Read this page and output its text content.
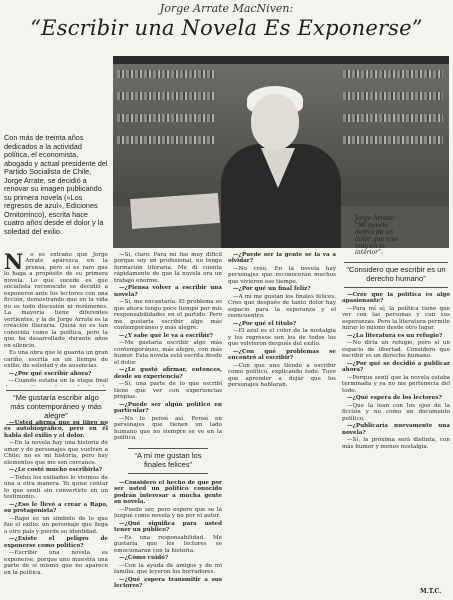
Jorge Arrate MacNiven:
“Escribir una Novela Es Exponerse”
Con más de treinta años dedicados a la actividad política, el economista, abogado y actual presidente del Partido Socialista de Chile, Jorge Arrate, se decidió a renovar su imagen publicando su primera novela («Los regresos de azul», Ediciones Ornitorrinco), escrita hace cuatro años desde el dolor y la soledad del exilio.
Jorge Arrate: “Mi novela deriva de un dolor que vivo muy en lo interior”.
N	o es extraño que Jorge Arrate aparezca en la prensa, pero sí es raro que lo haga a propósito de su primera novela. Lo que sucede es que socialista reconocido se decidió a exponerse ante los lectores con una ficción, demostrando que en la vida no es todo discusión ni resúmenes. La mayoría tiene diferentes vertientes, y la de Jorge Arrate es la creación literaria. Quizá no es tan conocida como la política, pero la que ha desarrollado durante años en silencio.

Es una obra que le guarda un gran cariño, escrita en un tiempo de exilio, de soledad y de ausencias.

—¿Por qué escribir ahora?

—Cuando estaba en la etapa final

“Me gustaría escribir algo más contemporáneo y más alegre”

—Usted afirma que su libro no es autobiográfico, pero en él habla del exilio y el dolor.

—En la novela hay una historia de amor y de personajes que vuelven a Chile; no es mi historia, pero hay elementos que me son cercanos.

—¿Le costó mucho escribirla?

—Todos los exiliados lo vivimos de una u otra manera. Yo quise contar lo que sentí sin convertirlo en un testimonio.

—¿Eso le llevó a crear a Rapo, su protagonista?

—Rapo es un símbolo de lo que fue el exilio: un personaje que llega a otro país y pierde su identidad.

—¿Existe el peligro de exponerse como político?

—Escribir una novela es exponerse, porque uno muestra una parte de sí mismo que no aparece en la política.

—Sí, claro. Para mí fue muy difícil porque soy un profesional, no tengo formación literaria. Me di cuenta rápidamente de que la novela era un trabajo enorme.

—¿Piensa volver a escribir una novela?

—Sí, me encantaría. El problema es que ahora tengo poco tiempo por mis responsabilidades en el partido. Pero me gustaría escribir algo más contemporáneo y más alegre.

—¿Y sabe qué le va a escribir?

—Me gustaría escribir algo más contemporáneo, más alegre, con más humor. Esta novela está escrita desde el dolor.

—¿Le gustó afirmar, entonces, desde su experiencia?

—Sí, una parte de lo que escribí tiene que ver con experiencias propias.

—¿Puede ser algún político en particular?

—No lo pensé así. Pensé en personajes que tienen un lado humano que no siempre se ve en la política.

“A mí me gustan los finales felices”

—Considero el hecho de que por ser usted un político conocido podrán interesar a mucha gente su novela.

—Puede ser, pero espero que se la juzgue como novela y no por el autor.

—¿Qué significa para usted tener un público?

—Es una responsabilidad. Me gustaría que los lectores se emocionaran con la historia.

—¿Cómo cuidó?

—Con la ayuda de amigos y de mi familia, que leyeron los borradores.

—¿Qué espera transmitir a sus lectores?

—¿Puede ser la gente se la va a olvidar?

—No creo. En la novela hay personajes que reconocerán muchos que vivieron ese tiempo.

—¿Por qué un final feliz?

—A mí me gustan los finales felices. Creo que después de tanto dolor hay espacio para la esperanza y el reencuentro.

—¿Por qué el título?

—El azul es el color de la nostalgia y los regresos son los de todos los que volvieron después del exilio.

—¿Con qué problemas se encontró al escribir?

—Con que uno tiende a escribir como político, explicando todo. Tuve que aprender a dejar que los personajes hablaran.

“Considero que escribir es un derecho humano”

—Cree que la política es algo apasionante?

—Para mí sí; la política tiene que ver con las personas y con sus esperanzas. Pero la literatura permite mirar lo mismo desde otro lugar.

—¿La literatura es un refugio?

—No diría un refugio, pero sí un espacio de libertad. Considero que escribir es un derecho humano.

—¿Por qué se decidió a publicar ahora?

—Porque sentí que la novela estaba terminada y ya no me pertenecía del todo.

—¿Qué espera de los lectores?

—Que la lean con los ojos de la ficción y no como un documento político.

—¿Publicaría nuevamente una novela?

—Sí, la próxima será distinta, con más humor y menos nostalgia.

M.T.C.
